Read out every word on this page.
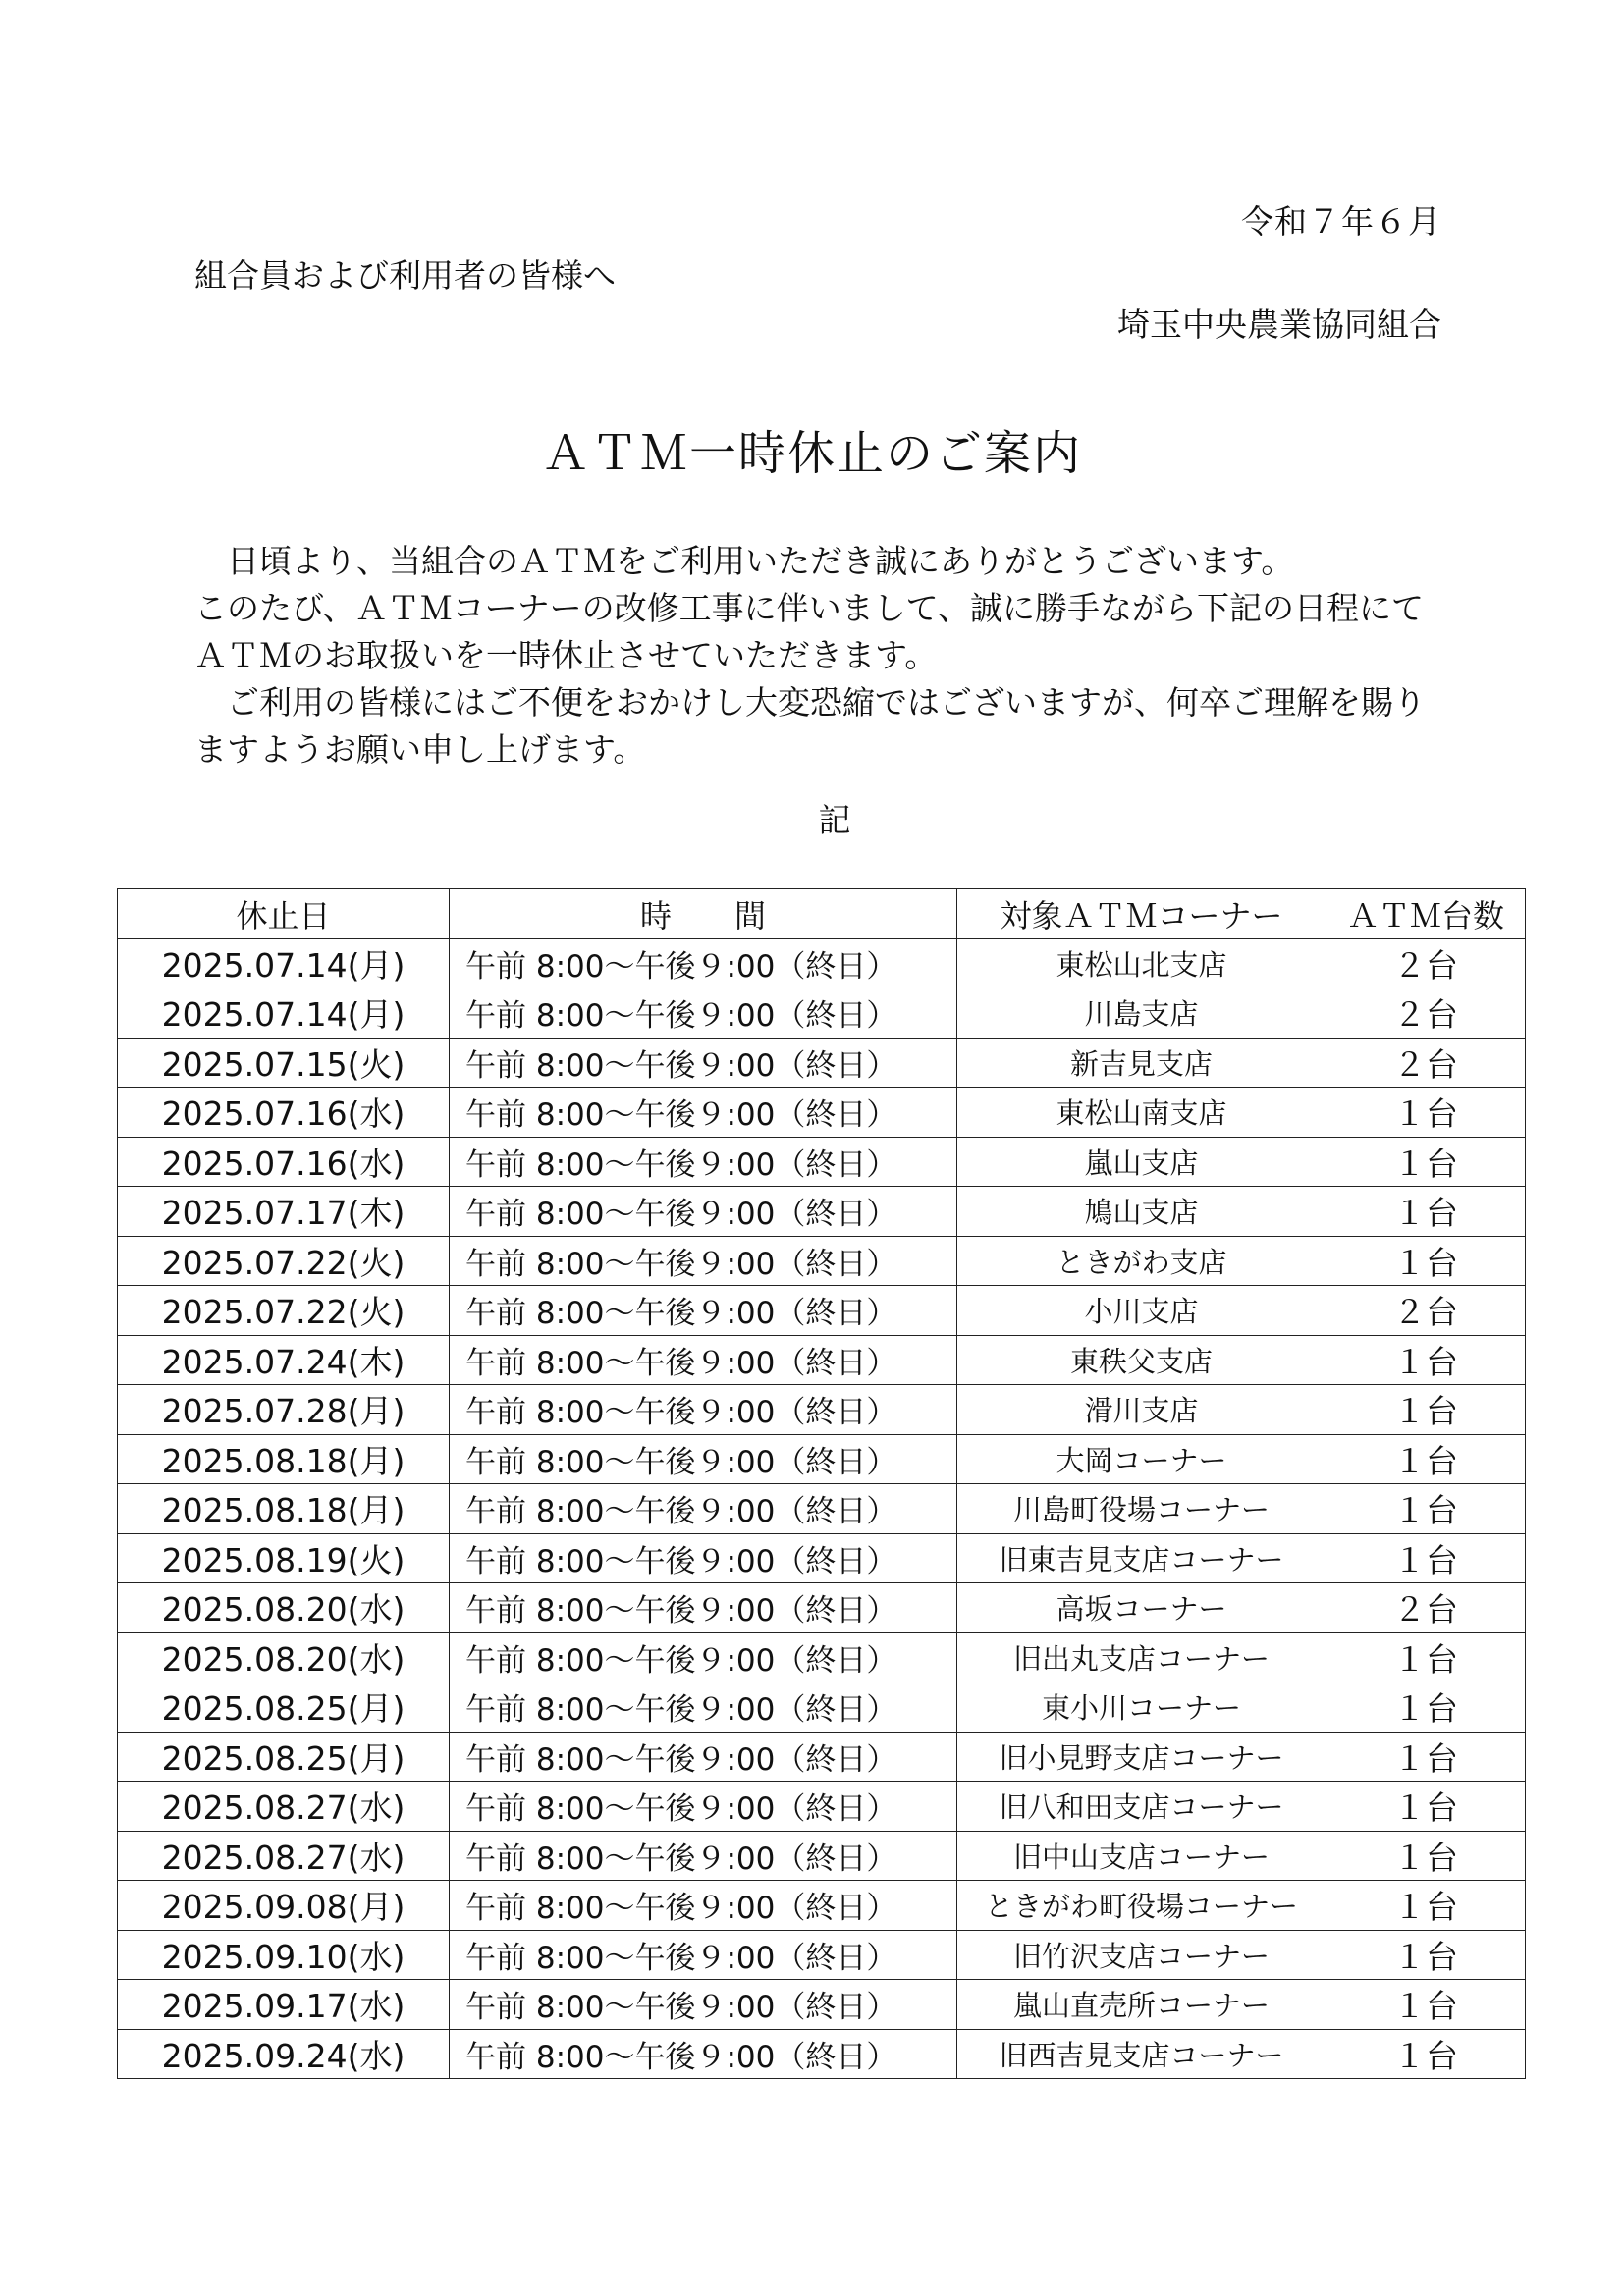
令和７年６月
組合員および利用者の皆様へ
埼玉中央農業協同組合
ＡＴＭ一時休止のご案内

　日頃より、当組合のＡＴＭをご利用いただき誠にありがとうございます。

このたび、ＡＴＭコーナーの改修工事に伴いまして、誠に勝手ながら下記の日程にて

ＡＴＭのお取扱いを一時休止させていただきます。

　ご利用の皆様にはご不便をおかけし大変恐縮ではございますが、何卒ご理解を賜り

ますようお願い申し上げます。

記
休止日	時　　間	対象ＡＴＭコーナー	ＡＴＭ台数
2025.07.14(月)	午前 8:00～午後９:00（終日）	東松山北支店	２台
2025.07.14(月)	午前 8:00～午後９:00（終日）	川島支店	２台
2025.07.15(火)	午前 8:00～午後９:00（終日）	新吉見支店	２台
2025.07.16(水)	午前 8:00～午後９:00（終日）	東松山南支店	１台
2025.07.16(水)	午前 8:00～午後９:00（終日）	嵐山支店	１台
2025.07.17(木)	午前 8:00～午後９:00（終日）	鳩山支店	１台
2025.07.22(火)	午前 8:00～午後９:00（終日）	ときがわ支店	１台
2025.07.22(火)	午前 8:00～午後９:00（終日）	小川支店	２台
2025.07.24(木)	午前 8:00～午後９:00（終日）	東秩父支店	１台
2025.07.28(月)	午前 8:00～午後９:00（終日）	滑川支店	１台
2025.08.18(月)	午前 8:00～午後９:00（終日）	大岡コーナー	１台
2025.08.18(月)	午前 8:00～午後９:00（終日）	川島町役場コーナー	１台
2025.08.19(火)	午前 8:00～午後９:00（終日）	旧東吉見支店コーナー	１台
2025.08.20(水)	午前 8:00～午後９:00（終日）	高坂コーナー	２台
2025.08.20(水)	午前 8:00～午後９:00（終日）	旧出丸支店コーナー	１台
2025.08.25(月)	午前 8:00～午後９:00（終日）	東小川コーナー	１台
2025.08.25(月)	午前 8:00～午後９:00（終日）	旧小見野支店コーナー	１台
2025.08.27(水)	午前 8:00～午後９:00（終日）	旧八和田支店コーナー	１台
2025.08.27(水)	午前 8:00～午後９:00（終日）	旧中山支店コーナー	１台
2025.09.08(月)	午前 8:00～午後９:00（終日）	ときがわ町役場コーナー	１台
2025.09.10(水)	午前 8:00～午後９:00（終日）	旧竹沢支店コーナー	１台
2025.09.17(水)	午前 8:00～午後９:00（終日）	嵐山直売所コーナー	１台
2025.09.24(水)	午前 8:00～午後９:00（終日）	旧西吉見支店コーナー	１台
